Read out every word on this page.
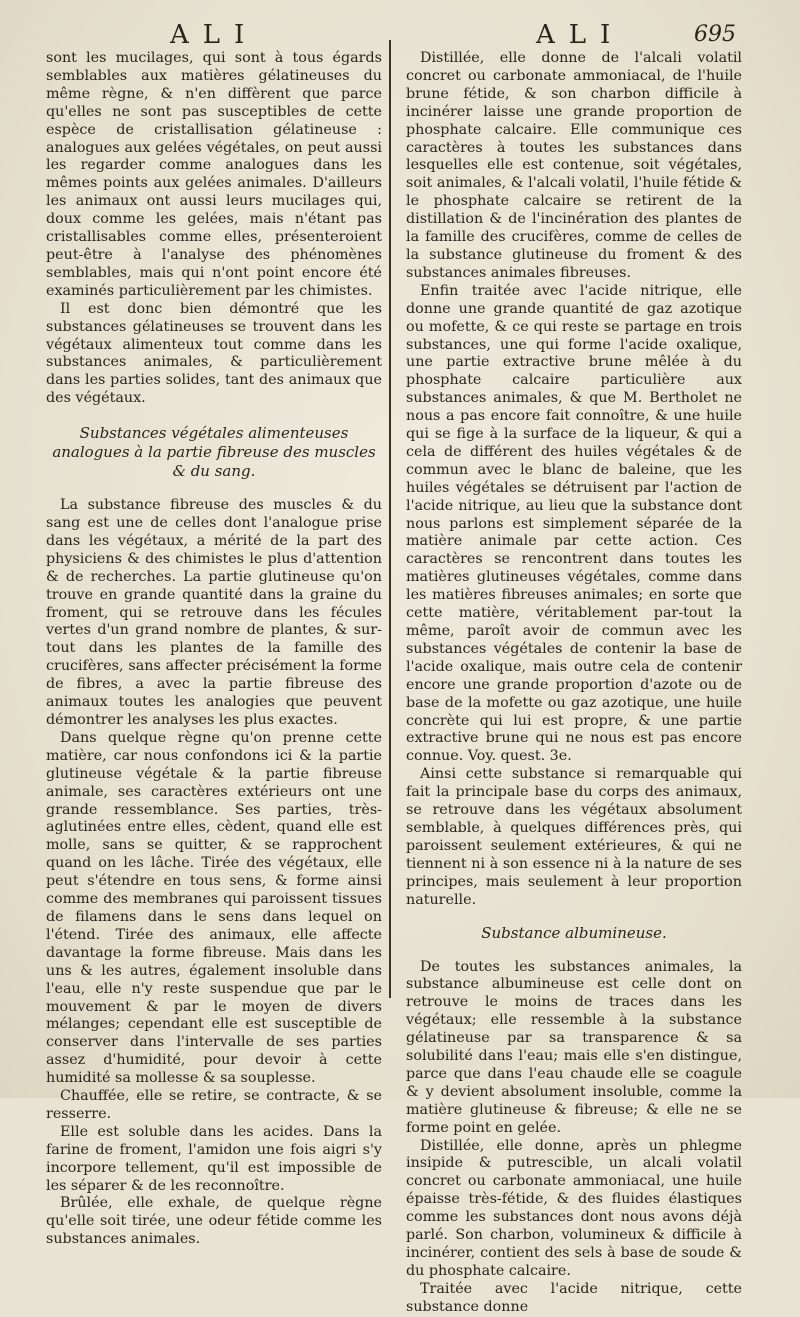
ALI	ALI	695

sont les mucilages, qui sont à tous égards semblables aux matières gélatineuses du même règne, & n'en diffèrent que parce qu'elles ne sont pas susceptibles de cette espèce de cristallisation gélatineuse : analogues aux gelées végétales, on peut aussi les regarder comme analogues dans les mêmes points aux gelées animales. D'ailleurs les animaux ont aussi leurs mucilages qui, doux comme les gelées, mais n'étant pas cristallisables comme elles, présenteroient peut-être à l'analyse des phénomènes semblables, mais qui n'ont point encore été examinés particulièrement par les chimistes.

Il est donc bien démontré que les substances gélatineuses se trouvent dans les végétaux alimenteux tout comme dans les substances animales, & particulièrement dans les parties solides, tant des animaux que des végétaux.

Substances végétales alimenteuses analogues à la partie fibreuse des muscles & du sang.

La substance fibreuse des muscles & du sang est une de celles dont l'analogue prise dans les végétaux, a mérité de la part des physiciens & des chimistes le plus d'attention & de recherches. La partie glutineuse qu'on trouve en grande quantité dans la graine du froment, qui se retrouve dans les fécules vertes d'un grand nombre de plantes, & sur-tout dans les plantes de la famille des crucifères, sans affecter précisément la forme de fibres, a avec la partie fibreuse des animaux toutes les analogies que peuvent démontrer les analyses les plus exactes.

Dans quelque règne qu'on prenne cette matière, car nous confondons ici & la partie glutineuse végétale & la partie fibreuse animale, ses caractères extérieurs ont une grande ressemblance. Ses parties, très-aglutinées entre elles, cèdent, quand elle est molle, sans se quitter, & se rapprochent quand on les lâche. Tirée des végétaux, elle peut s'étendre en tous sens, & forme ainsi comme des membranes qui paroissent tissues de filamens dans le sens dans lequel on l'étend. Tirée des animaux, elle affecte davantage la forme fibreuse. Mais dans les uns & les autres, également insoluble dans l'eau, elle n'y reste suspendue que par le mouvement & par le moyen de divers mélanges; cependant elle est susceptible de conserver dans l'intervalle de ses parties assez d'humidité, pour devoir à cette humidité sa mollesse & sa souplesse.

Chauffée, elle se retire, se contracte, & se resserre.

Elle est soluble dans les acides. Dans la farine de froment, l'amidon une fois aigri s'y incorpore tellement, qu'il est impossible de les séparer & de les reconnoître.

Brûlée, elle exhale, de quelque règne qu'elle soit tirée, une odeur fétide comme les substances animales.

Distillée, elle donne de l'alcali volatil concret ou carbonate ammoniacal, de l'huile brune fétide, & son charbon difficile à incinérer laisse une grande proportion de phosphate calcaire. Elle communique ces caractères à toutes les substances dans lesquelles elle est contenue, soit végétales, soit animales, & l'alcali volatil, l'huile fétide & le phosphate calcaire se retirent de la distillation & de l'incinération des plantes de la famille des crucifères, comme de celles de la substance glutineuse du froment & des substances animales fibreuses.

Enfin traitée avec l'acide nitrique, elle donne une grande quantité de gaz azotique ou mofette, & ce qui reste se partage en trois substances, une qui forme l'acide oxalique, une partie extractive brune mêlée à du phosphate calcaire particulière aux substances animales, & que M. Bertholet ne nous a pas encore fait connoître, & une huile qui se fige à la surface de la liqueur, & qui a cela de différent des huiles végétales & de commun avec le blanc de baleine, que les huiles végétales se détruisent par l'action de l'acide nitrique, au lieu que la substance dont nous parlons est simplement séparée de la matière animale par cette action. Ces caractères se rencontrent dans toutes les matières glutineuses végétales, comme dans les matières fibreuses animales; en sorte que cette matière, véritablement par-tout la même, paroît avoir de commun avec les substances végétales de contenir la base de l'acide oxalique, mais outre cela de contenir encore une grande proportion d'azote ou de base de la mofette ou gaz azotique, une huile concrète qui lui est propre, & une partie extractive brune qui ne nous est pas encore connue. Voy. quest. 3e.

Ainsi cette substance si remarquable qui fait la principale base du corps des animaux, se retrouve dans les végétaux absolument semblable, à quelques différences près, qui paroissent seulement extérieures, & qui ne tiennent ni à son essence ni à la nature de ses principes, mais seulement à leur proportion naturelle.

Substance albumineuse.

De toutes les substances animales, la substance albumineuse est celle dont on retrouve le moins de traces dans les végétaux; elle ressemble à la substance gélatineuse par sa transparence & sa solubilité dans l'eau; mais elle s'en distingue, parce que dans l'eau chaude elle se coagule & y devient absolument insoluble, comme la matière glutineuse & fibreuse; & elle ne se forme point en gelée.

Distillée, elle donne, après un phlegme insipide & putrescible, un alcali volatil concret ou carbonate ammoniacal, une huile épaisse très-fétide, & des fluides élastiques comme les substances dont nous avons déjà parlé. Son charbon, volumineux & difficile à incinérer, contient des sels à base de soude & du phosphate calcaire.

Traitée avec l'acide nitrique, cette substance donne
